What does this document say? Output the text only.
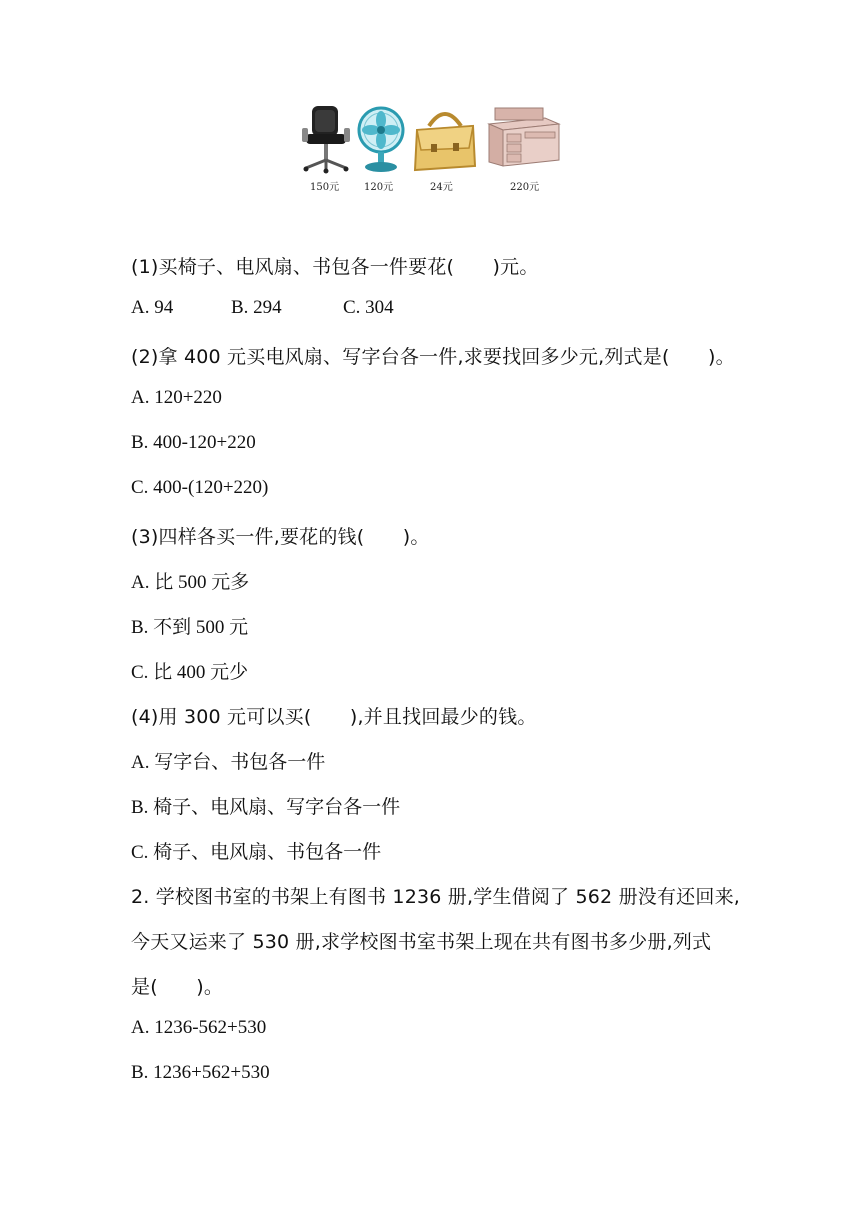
150元 120元	24元	220元
(1)买椅子、电风扇、书包各一件要花(　　)元。
A. 94	B. 294	C. 304
(2)拿 400 元买电风扇、写字台各一件,求要找回多少元,列式是(　　)。
A. 120+220
B. 400-120+220
C. 400-(120+220)
(3)四样各买一件,要花的钱(　　)。
A. 比 500 元多
B. 不到 500 元
C. 比 400 元少
(4)用 300 元可以买(　　),并且找回最少的钱。
A. 写字台、书包各一件
B. 椅子、电风扇、写字台各一件
C. 椅子、电风扇、书包各一件
2. 学校图书室的书架上有图书 1236 册,学生借阅了 562 册没有还回来,
今天又运来了 530 册,求学校图书室书架上现在共有图书多少册,列式
是(　　)。
A. 1236-562+530
B. 1236+562+530
